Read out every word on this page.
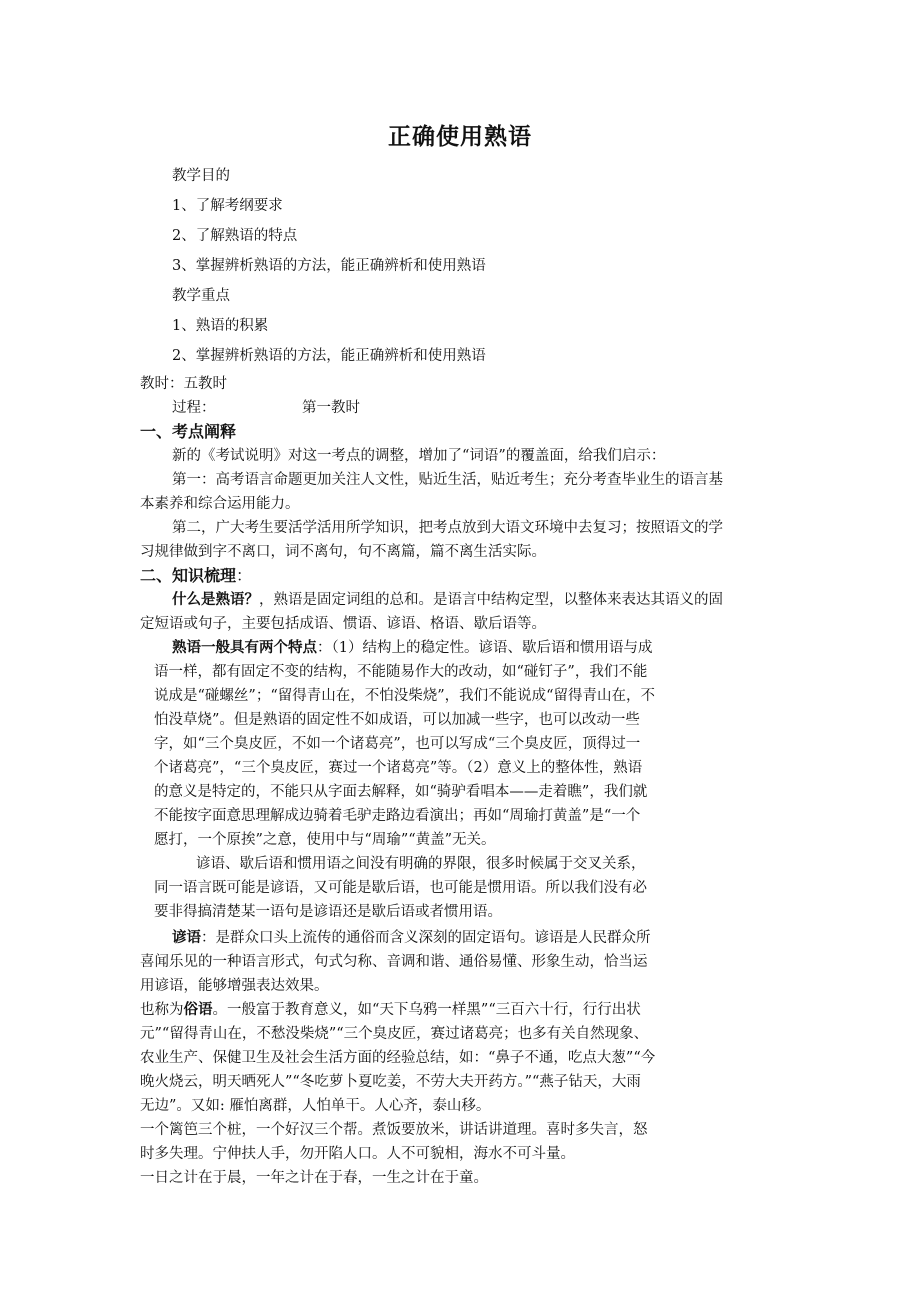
正确使用熟语
教学目的
1、了解考纲要求
2、了解熟语的特点
3、掌握辨析熟语的方法，能正确辨析和使用熟语
教学重点
1、熟语的积累
2、掌握辨析熟语的方法，能正确辨析和使用熟语
教时：五教时
过程：	第一教时
一、考点阐释
新的《考试说明》对这一考点的调整，增加了“词语”的覆盖面，给我们启示：
第一：高考语言命题更加关注人文性，贴近生活，贴近考生；充分考查毕业生的语言基
本素养和综合运用能力。
第二，广大考生要活学活用所学知识，把考点放到大语文环境中去复习；按照语文的学
习规律做到字不离口，词不离句，句不离篇，篇不离生活实际。
二、知识梳理：
什么是熟语？，熟语是固定词组的总和。是语言中结构定型，以整体来表达其语义的固
定短语或句子，主要包括成语、惯语、谚语、格语、歇后语等。
熟语一般具有两个特点：（1）结构上的稳定性。谚语、歇后语和惯用语与成
语一样，都有固定不变的结构，不能随易作大的改动，如“碰钉子”，我们不能
说成是“碰螺丝”；“留得青山在，不怕没柴烧”，我们不能说成“留得青山在，不
怕没草烧”。但是熟语的固定性不如成语，可以加减一些字，也可以改动一些
字，如“三个臭皮匠，不如一个诸葛亮”，也可以写成“三个臭皮匠，顶得过一
个诸葛亮”，“三个臭皮匠，赛过一个诸葛亮”等。（2）意义上的整体性，熟语
的意义是特定的，不能只从字面去解释，如“骑驴看唱本——走着瞧”，我们就
不能按字面意思理解成边骑着毛驴走路边看演出；再如“周瑜打黄盖”是“一个
愿打，一个原挨”之意，使用中与“周瑜”“黄盖”无关。
谚语、歇后语和惯用语之间没有明确的界限，很多时候属于交叉关系，
同一语言既可能是谚语，又可能是歇后语，也可能是惯用语。所以我们没有必
要非得搞清楚某一语句是谚语还是歇后语或者惯用语。
谚语：是群众口头上流传的通俗而含义深刻的固定语句。谚语是人民群众所
喜闻乐见的一种语言形式，句式匀称、音调和谐、通俗易懂、形象生动，恰当运
用谚语，能够增强表达效果。
也称为俗语。一般富于教育意义，如“天下乌鸦一样黑”“三百六十行，行行出状
元”“留得青山在，不愁没柴烧”“三个臭皮匠，赛过诸葛亮；也多有关自然现象、
农业生产、保健卫生及社会生活方面的经验总结，如：“鼻子不通，吃点大葱”“今
晚火烧云，明天晒死人”“冬吃萝卜夏吃姜，不劳大夫开药方。”“燕子钻天，大雨
无边”。又如: 雁怕离群，人怕单干。人心齐，泰山移。
一个篱笆三个桩，一个好汉三个帮。煮饭要放米，讲话讲道理。喜时多失言，怒
时多失理。宁伸扶人手，勿开陷人口。人不可貌相，海水不可斗量。
一日之计在于晨，一年之计在于春，一生之计在于童。
